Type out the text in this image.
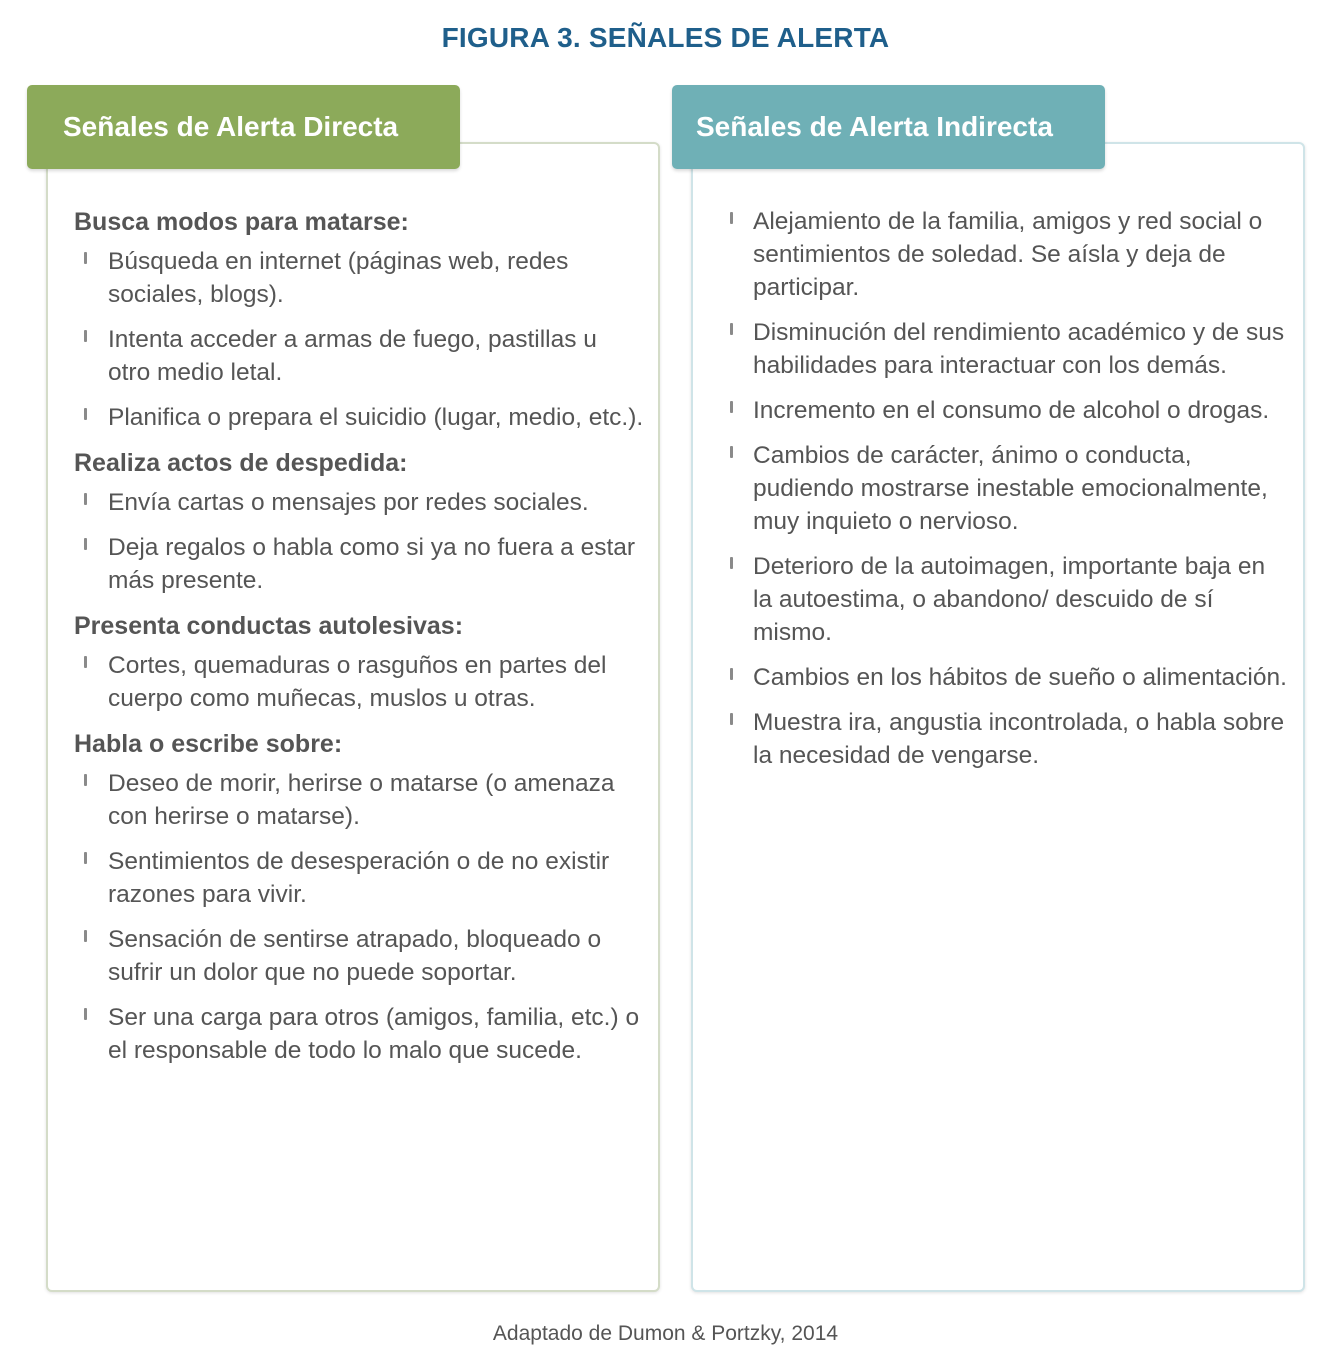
FIGURA 3. SEÑALES DE ALERTA
Señales de Alerta Directa
Busca modos para matarse:
Búsqueda en internet (páginas web, redes sociales, blogs).
Intenta acceder a armas de fuego, pastillas u otro medio letal.
Planifica o prepara el suicidio (lugar, medio, etc.).
Realiza actos de despedida:
Envía cartas o mensajes por redes sociales.
Deja regalos o habla como si ya no fuera a estar más presente.
Presenta conductas autolesivas:
Cortes, quemaduras o rasguños en partes del cuerpo como muñecas, muslos u otras.
Habla o escribe sobre:
Deseo de morir, herirse o matarse (o amenaza con herirse o matarse).
Sentimientos de desesperación o de no existir razones para vivir.
Sensación de sentirse atrapado, bloqueado o sufrir un dolor que no puede soportar.
Ser una carga para otros (amigos, familia, etc.) o el responsable de todo lo malo que sucede.
Señales de Alerta Indirecta
Alejamiento de la familia, amigos y red social o sentimientos de soledad. Se aísla y deja de participar.
Disminución del rendimiento académico y de sus habilidades para interactuar con los demás.
Incremento en el consumo de alcohol o drogas.
Cambios de carácter, ánimo o conducta, pudiendo mostrarse inestable emocionalmente, muy inquieto o nervioso.
Deterioro de la autoimagen, importante baja en la autoestima, o abandono/ descuido de sí mismo.
Cambios en los hábitos de sueño o alimentación.
Muestra ira, angustia incontrolada, o habla sobre la necesidad de vengarse.
Adaptado de Dumon & Portzky, 2014
